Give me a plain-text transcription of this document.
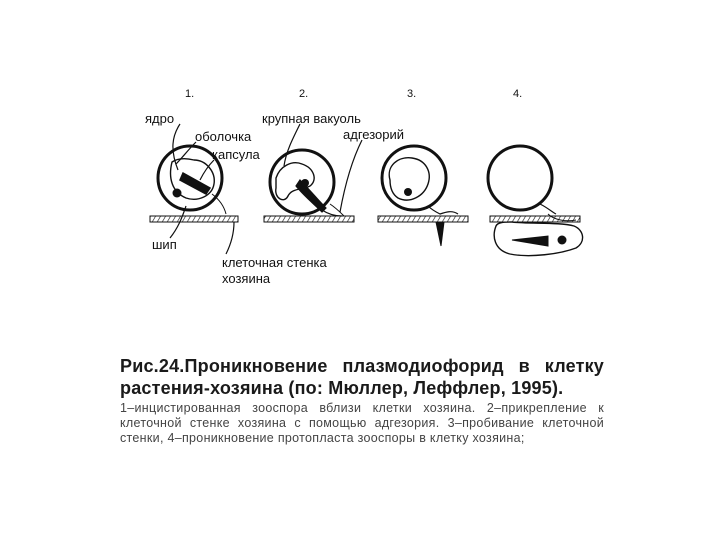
1.	2.	3.	4.
ядро
оболочка
капсула
крупная вакуоль
адгезорий
шип
клеточная стенка
хозяина
Рис.24.Проникновение плазмодиофорид в клетку растения-хозяина (по: Мюллер, Леффлер, 1995).
1–инцистированная зооспора вблизи клетки хозяина. 2–прикрепление к клеточной стенке хозяина с помощью адгезория. 3–пробивание клеточной стенки, 4–проникновение протопласта зооспоры в клетку хозяина;
